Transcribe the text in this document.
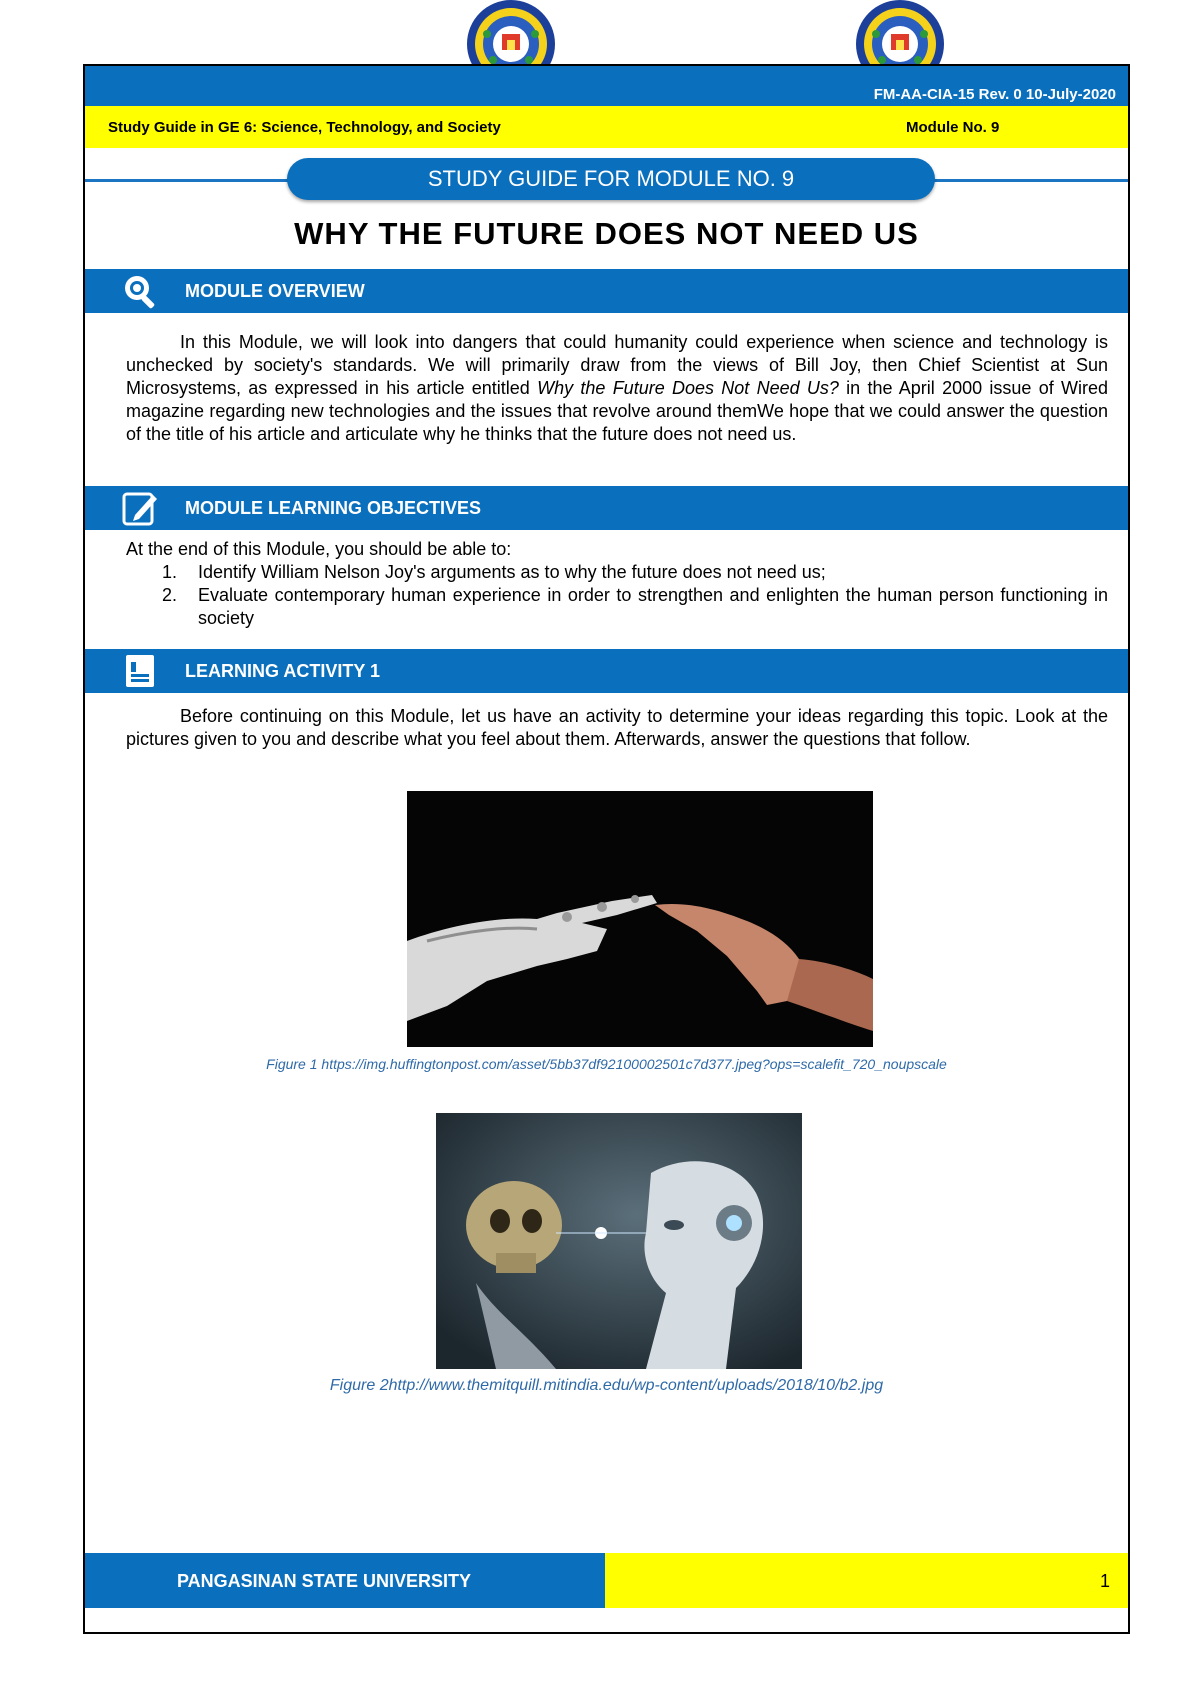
FM-AA-CIA-15 Rev. 0 10-July-2020
Study Guide in GE 6: Science, Technology, and Society	Module No. 9
STUDY GUIDE FOR MODULE NO. 9
WHY THE FUTURE DOES NOT NEED US
MODULE OVERVIEW
In this Module, we will look into dangers that could humanity could experience when science and technology is unchecked by society's standards. We will primarily draw from the views of Bill Joy, then Chief Scientist at Sun Microsystems, as expressed in his article entitled Why the Future Does Not Need Us? in the April 2000 issue of Wired magazine regarding new technologies and the issues that revolve around themWe hope that we could answer the question of the title of his article and articulate why he thinks that the future does not need us.
MODULE LEARNING OBJECTIVES
At the end of this Module, you should be able to:
1. Identify William Nelson Joy's arguments as to why the future does not need us;
2. Evaluate contemporary human experience in order to strengthen and enlighten the human person functioning in society
LEARNING ACTIVITY 1
Before continuing on this Module, let us have an activity to determine your ideas regarding this topic. Look at the pictures given to you and describe what you feel about them. Afterwards, answer the questions that follow.
Figure 1 https://img.huffingtonpost.com/asset/5bb37df92100002501c7d377.jpeg?ops=scalefit_720_noupscale
Figure 2http://www.themitquill.mitindia.edu/wp-content/uploads/2018/10/b2.jpg
PANGASINAN STATE UNIVERSITY	1
